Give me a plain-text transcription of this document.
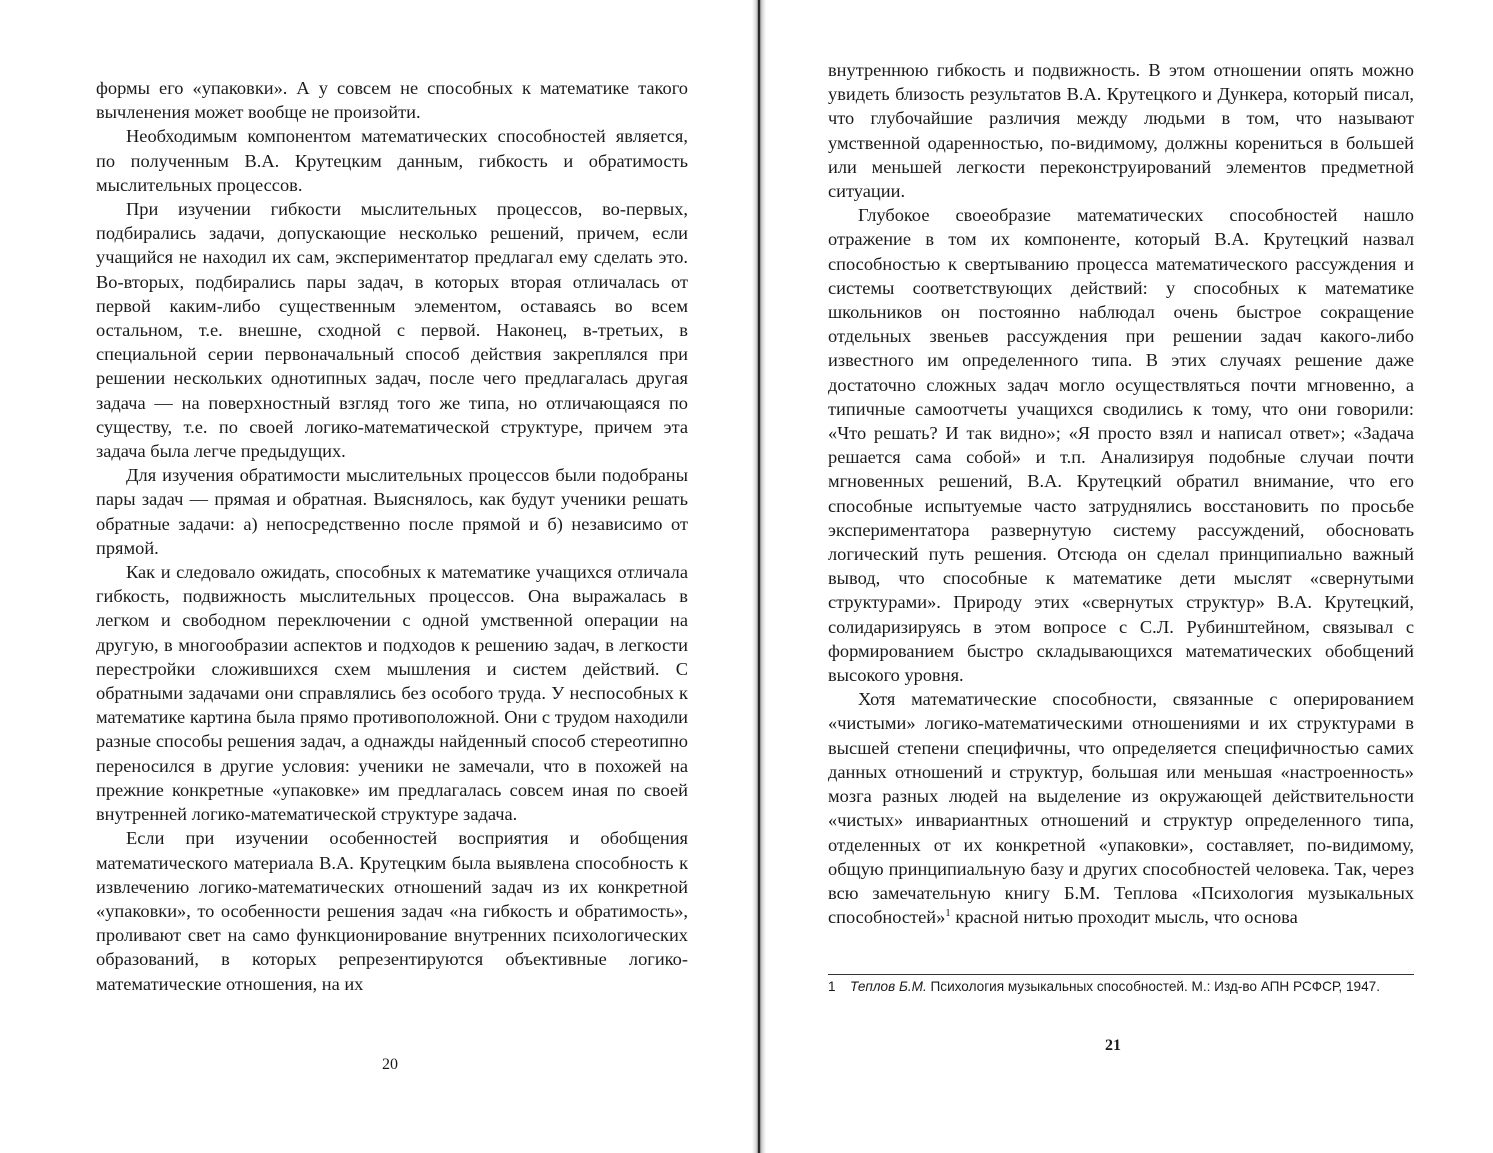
формы его «упаковки». А у совсем не способных к математике такого вычленения может вообще не произойти.

Необходимым компонентом математических способностей является, по полученным В.А. Крутецким данным, гибкость и обратимость мыслительных процессов.

При изучении гибкости мыслительных процессов, во-первых, подбирались задачи, допускающие несколько решений, причем, если учащийся не находил их сам, экспериментатор предлагал ему сделать это. Во-вторых, подбирались пары задач, в которых вторая отличалась от первой каким-либо существенным элементом, оставаясь во всем остальном, т.е. внешне, сходной с первой. Наконец, в-третьих, в специальной серии первоначальный способ действия закреплялся при решении нескольких однотипных задач, после чего предлагалась другая задача — на поверхностный взгляд того же типа, но отличающаяся по существу, т.е. по своей логико-математической структуре, причем эта задача была легче предыдущих.

Для изучения обратимости мыслительных процессов были подобраны пары задач — прямая и обратная. Выяснялось, как будут ученики решать обратные задачи: а) непосредственно после прямой и б) независимо от прямой.

Как и следовало ожидать, способных к математике учащихся отличала гибкость, подвижность мыслительных процессов. Она выражалась в легком и свободном переключении с одной умственной операции на другую, в многообразии аспектов и подходов к решению задач, в легкости перестройки сложившихся схем мышления и систем действий. С обратными задачами они справлялись без особого труда. У неспособных к математике картина была прямо противоположной. Они с трудом находили разные способы решения задач, а однажды найденный способ стереотипно переносился в другие условия: ученики не замечали, что в похожей на прежние конкретные «упаковке» им предлагалась совсем иная по своей внутренней логико-математической структуре задача.

Если при изучении особенностей восприятия и обобщения математического материала В.А. Крутецким была выявлена способность к извлечению логико-математических отношений задач из их конкретной «упаковки», то особенности решения задач «на гибкость и обратимость», проливают свет на само функционирование внутренних психологических образований, в которых репрезентируются объективные логико-математические отношения, на их

20

внутреннюю гибкость и подвижность. В этом отношении опять можно увидеть близость результатов В.А. Крутецкого и Дункера, который писал, что глубочайшие различия между людьми в том, что называют умственной одаренностью, по-видимому, должны корениться в большей или меньшей легкости переконструирований элементов предметной ситуации.

Глубокое своеобразие математических способностей нашло отражение в том их компоненте, который В.А. Крутецкий назвал способностью к свертыванию процесса математического рассуждения и системы соответствующих действий: у способных к математике школьников он постоянно наблюдал очень быстрое сокращение отдельных звеньев рассуждения при решении задач какого-либо известного им определенного типа. В этих случаях решение даже достаточно сложных задач могло осуществляться почти мгновенно, а типичные самоотчеты учащихся сводились к тому, что они говорили: «Что решать? И так видно»; «Я просто взял и написал ответ»; «Задача решается сама собой» и т.п. Анализируя подобные случаи почти мгновенных решений, В.А. Крутецкий обратил внимание, что его способные испытуемые часто затруднялись восстановить по просьбе экспериментатора развернутую систему рассуждений, обосновать логический путь решения. Отсюда он сделал принципиально важный вывод, что способные к математике дети мыслят «свернутыми структурами». Природу этих «свернутых структур» В.А. Крутецкий, солидаризируясь в этом вопросе с С.Л. Рубинштейном, связывал с формированием быстро складывающихся математических обобщений высокого уровня.

Хотя математические способности, связанные с оперированием «чистыми» логико-математическими отношениями и их структурами в высшей степени специфичны, что определяется специфичностью самих данных отношений и структур, большая или меньшая «настроенность» мозга разных людей на выделение из окружающей действительности «чистых» инвариантных отношений и структур определенного типа, отделенных от их конкретной «упаковки», составляет, по-видимому, общую принципиальную базу и других способностей человека. Так, через всю замечательную книгу Б.М. Теплова «Психология музыкальных способностей»$^1$ красной нитью проходит мысль, что основа

1 Теплов Б.М. Психология музыкальных способностей. М.: Изд-во АПН РСФСР, 1947.
21
